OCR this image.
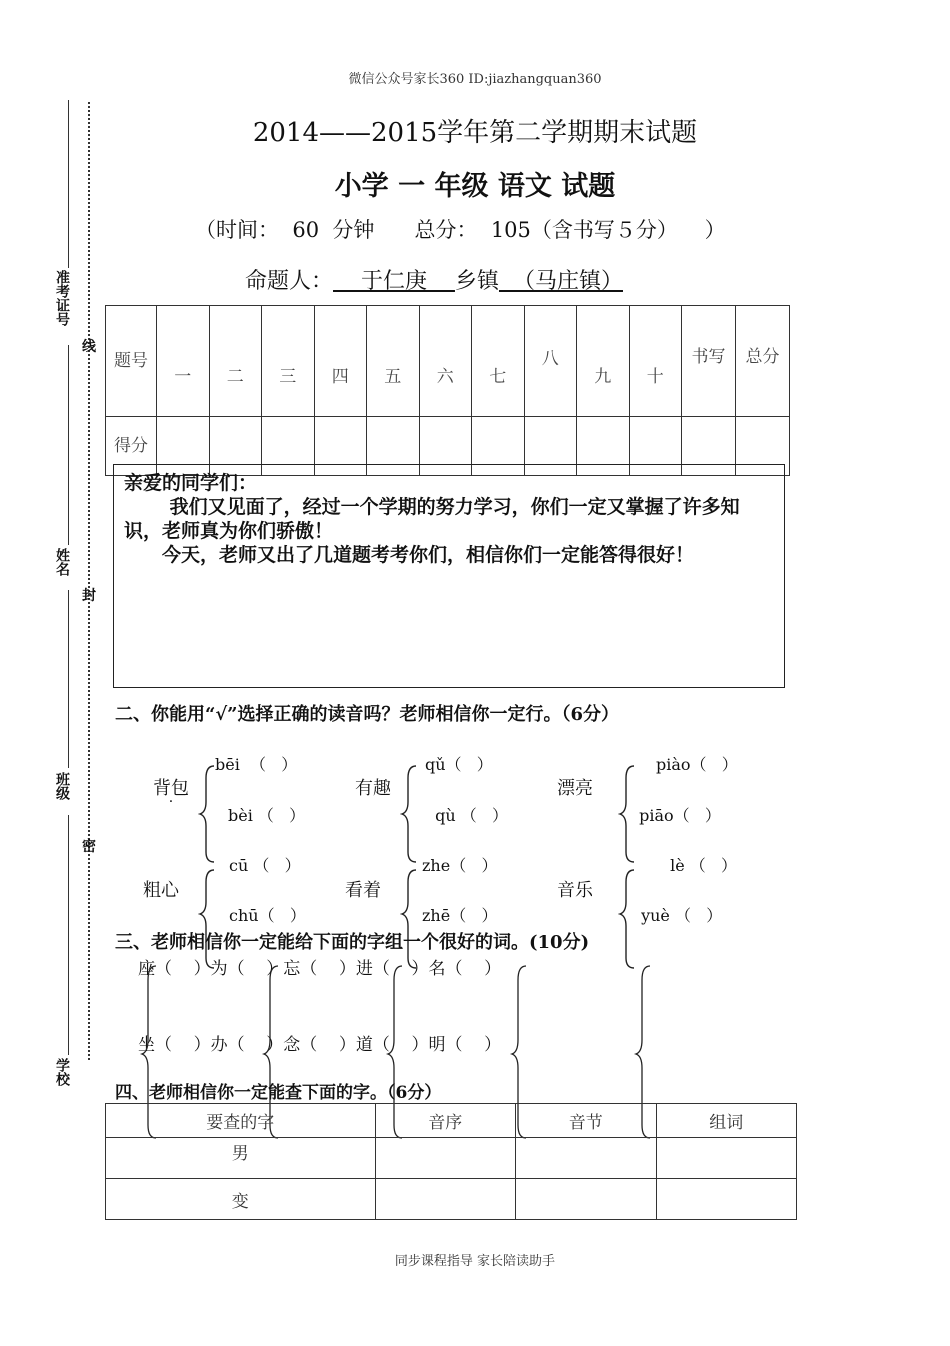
微信公众号家长360 ID:jiazhangquan360
准考证号
姓名
班级
学校
线
封
密
2014——2015学年第二学期期末试题
小学 一 年级 语文 试题
（时间：  60  分钟      总分：  105（含书写５分）    ）
命题人：    于仁庚    乡镇  （马庄镇）
题号	一	二	三	四	五	六	七	八	九	十	书写	总分
得分												

亲爱的同学们：

我们又见面了，经过一个学期的努力学习，你们一定又掌握了许多知识，老师真为你们骄傲！

今天，老师又出了几道题考考你们，相信你们一定能答得很好！

二、你能用“√”选择正确的读音吗？老师相信你一定行。（6分）
背包
bēi  （   ）
bèi （   ）
有趣
qǔ（   ）
qù （   ）
漂亮
piào（   ）
piāo（   ）
粗心
cū （   ）
chū（   ）
看着
zhe（   ）
zhē（   ）
音乐
lè （   ）
yuè （   ）
三、老师相信你一定能给下面的字组一个很好的词。(10分)
座（    ）为（    ）忘（    ）进（    ）名（    ）
坐（    ）办（    ）念（    ）道（    ）明（    ）
四、老师相信你一定能查下面的字。（6分）
要查的字	音序	音节	组词
男			
变			
同步课程指导 家长陪读助手
